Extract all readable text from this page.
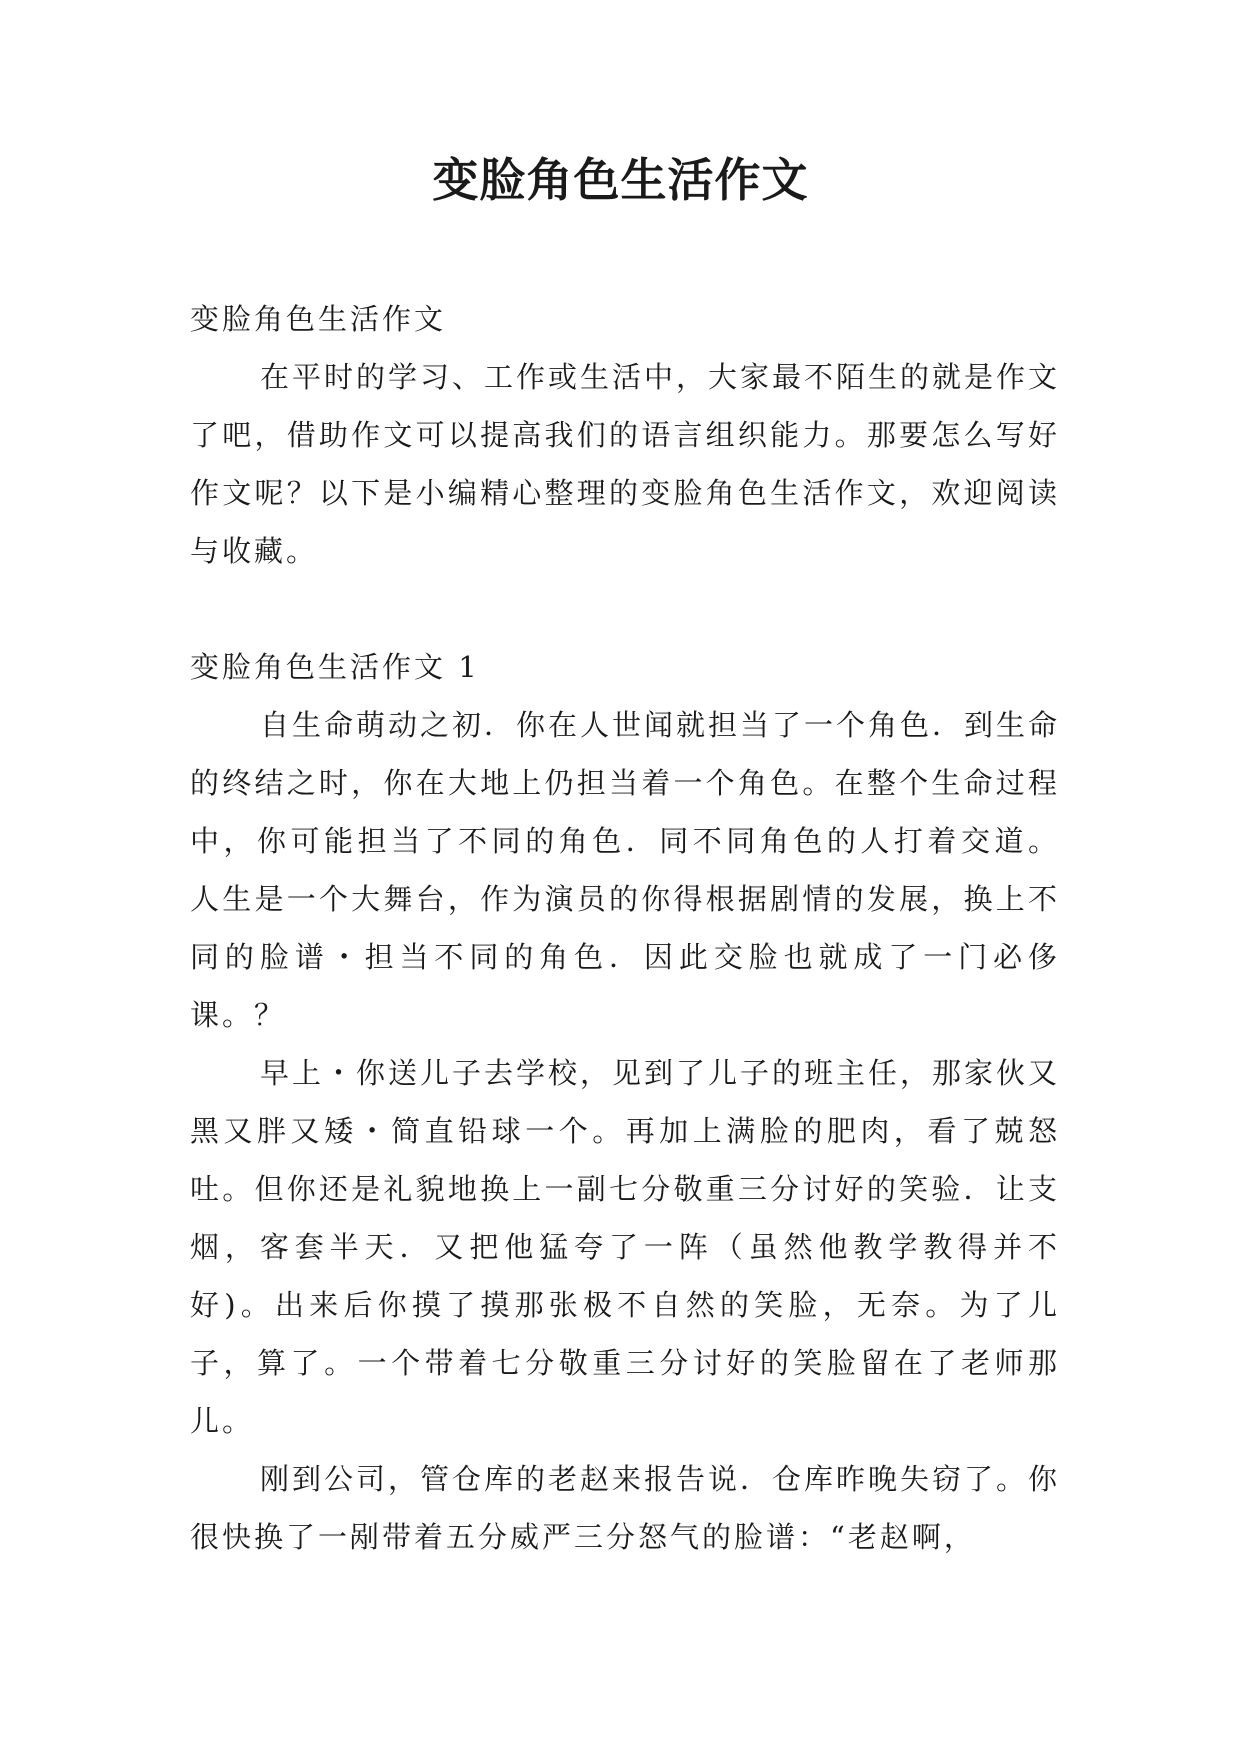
变脸角色生活作文

变脸角色生活作文

在平时的学习、工作或生活中，大家最不陌生的就是作文了吧，借助作文可以提高我们的语言组织能力。那要怎么写好作文呢？以下是小编精心整理的变脸角色生活作文，欢迎阅读与收藏。

变脸角色生活作文 1

自生命萌动之初．你在人世闻就担当了一个角色．到生命的终结之时，你在大地上仍担当着一个角色。在整个生命过程中，你可能担当了不同的角色．同不同角色的人打着交道。 人生是一个大舞台，作为演员的你得根据剧情的发展，换上不同的脸谱・担当不同的角色．因此交脸也就成了一门必侈课。？

早上・你送儿子去学校，见到了儿子的班主任，那家伙又黑又胖又矮・简直铅球一个。再加上满脸的肥肉，看了兢怒吐。但你还是礼貌地换上一副七分敬重三分讨好的笑验．让支烟，客套半天．又把他猛夸了一阵（虽然他教学教得并不好)。出来后你摸了摸那张极不自然的笑脸，无奈。为了儿子，算了。一个带着七分敬重三分讨好的笑脸留在了老师那儿。

刚到公司，管仓库的老赵来报告说．仓库昨晚失窃了。你很快换了一剐带着五分威严三分怒气的脸谱：“老赵啊，
